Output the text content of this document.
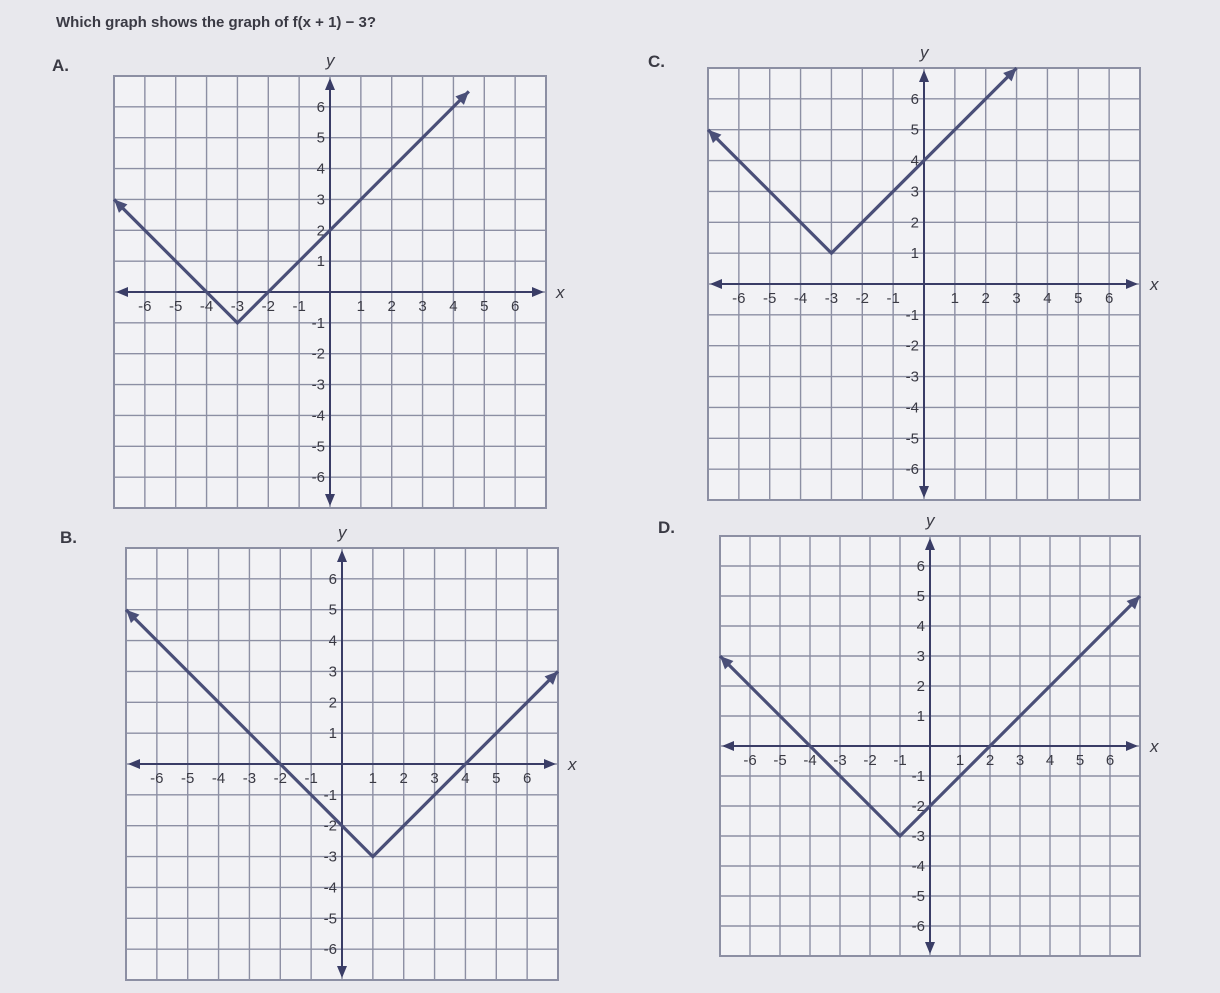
Which graph shows the graph of f(x + 1) − 3?
A.	C.
B.
D.
x
y
-6 -5 -4 -3 -2 -1	1 2 3 4 5 6
-6
-5
-4
-3
-2
-1
1
2
3
4
5
6
x
y
-6 -5 -4 -3 -2 -1	1 2 3 4 5 6
-6
-5
-4
-3
-2
-1
1
2
3
4
5
6
x
y
-6 -5 -4 -3 -2 -1	1 2 3 4 5 6
-6
-5
-4
-3
-2
-1
1
2
3
4
5
6
x
y
-6 -5 -4 -3 -2 -1	1 2 3 4 5 6
-6
-5
-4
-3
-2
-1
1
2
3
4
5
6
